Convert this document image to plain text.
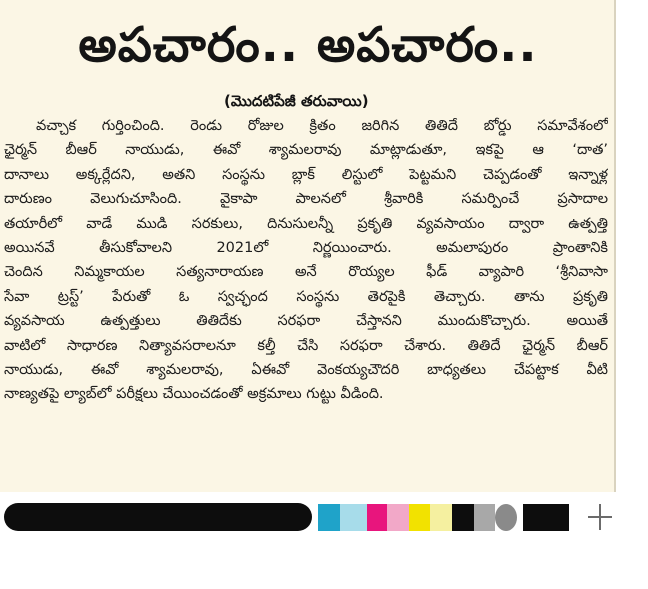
అపచారం.. అపచారం..
(మొదటిపేజీ తరువాయి)
వచ్చాక గుర్తించింది. రెండు రోజుల క్రితం జరిగిన తితిదే బోర్డు సమావేశంలో
ఛైర్మన్ బీఆర్ నాయుడు, ఈవో శ్యామలరావు మాట్లాడుతూ, ఇకపై ఆ ‘దాత’
దానాలు అక్కర్లేదని, అతని సంస్థను బ్లాక్ లిస్టులో పెట్టమని చెప్పడంతో ఇన్నాళ్ల
దారుణం వెలుగుచూసింది. వైకాపా పాలనలో శ్రీవారికి సమర్పించే ప్రసాదాల
తయారీలో వాడే ముడి సరకులు, దినుసులన్నీ ప్రకృతి వ్యవసాయం ద్వారా ఉత్పత్తి
అయినవే తీసుకోవాలని 2021లో నిర్ణయించారు. అమలాపురం ప్రాంతానికి
చెందిన నిమ్మకాయల సత్యనారాయణ అనే రొయ్యల ఫీడ్ వ్యాపారి ‘శ్రీనివాసా
సేవా ట్రస్ట్’ పేరుతో ఓ స్వచ్ఛంద సంస్థను తెరపైకి తెచ్చారు. తాను ప్రకృతి
వ్యవసాయ ఉత్పత్తులు తితిదేకు సరఫరా చేస్తానని ముందుకొచ్చారు. అయితే
వాటిలో సాధారణ నిత్యావసరాలనూ కల్తీ చేసి సరఫరా చేశారు. తితిదే ఛైర్మన్ బీఆర్
నాయుడు, ఈవో శ్యామలరావు, ఏఈవో వెంకయ్యచౌదరి బాధ్యతలు చేపట్టాక వీటి
నాణ్యతపై ల్యాబ్‌లో పరీక్షలు చేయించడంతో అక్రమాలు గుట్టు వీడింది.
